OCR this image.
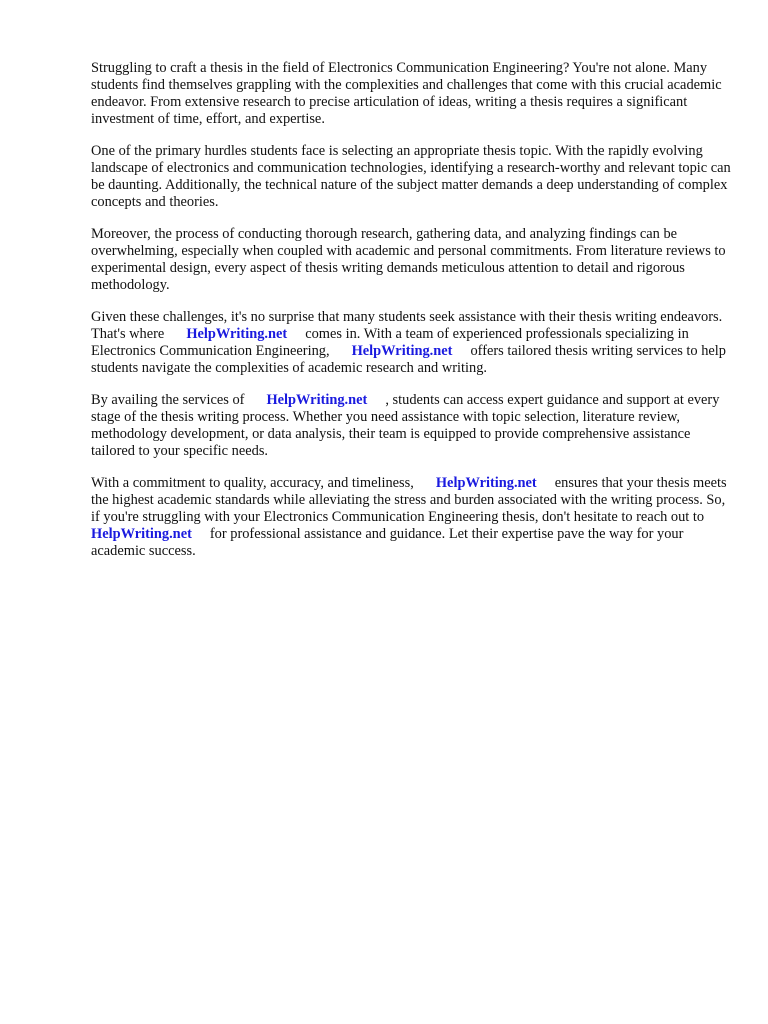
Struggling to craft a thesis in the field of Electronics Communication Engineering? You're not alone. Many students find themselves grappling with the complexities and challenges that come with this crucial academic endeavor. From extensive research to precise articulation of ideas, writing a thesis requires a significant investment of time, effort, and expertise.

One of the primary hurdles students face is selecting an appropriate thesis topic. With the rapidly evolving landscape of electronics and communication technologies, identifying a research-worthy and relevant topic can be daunting. Additionally, the technical nature of the subject matter demands a deep understanding of complex concepts and theories.

Moreover, the process of conducting thorough research, gathering data, and analyzing findings can be overwhelming, especially when coupled with academic and personal commitments. From literature reviews to experimental design, every aspect of thesis writing demands meticulous attention to detail and rigorous methodology.

Given these challenges, it's no surprise that many students seek assistance with their thesis writing endeavors. That's where HelpWriting.net comes in. With a team of experienced professionals specializing in Electronics Communication Engineering, HelpWriting.net offers tailored thesis writing services to help students navigate the complexities of academic research and writing.

By availing the services of HelpWriting.net , students can access expert guidance and support at every stage of the thesis writing process. Whether you need assistance with topic selection, literature review, methodology development, or data analysis, their team is equipped to provide comprehensive assistance tailored to your specific needs.

With a commitment to quality, accuracy, and timeliness, HelpWriting.net ensures that your thesis meets the highest academic standards while alleviating the stress and burden associated with the writing process. So, if you're struggling with your Electronics Communication Engineering thesis, don't hesitate to reach out toHelpWriting.net for professional assistance and guidance. Let their expertise pave the way for your academic success.
